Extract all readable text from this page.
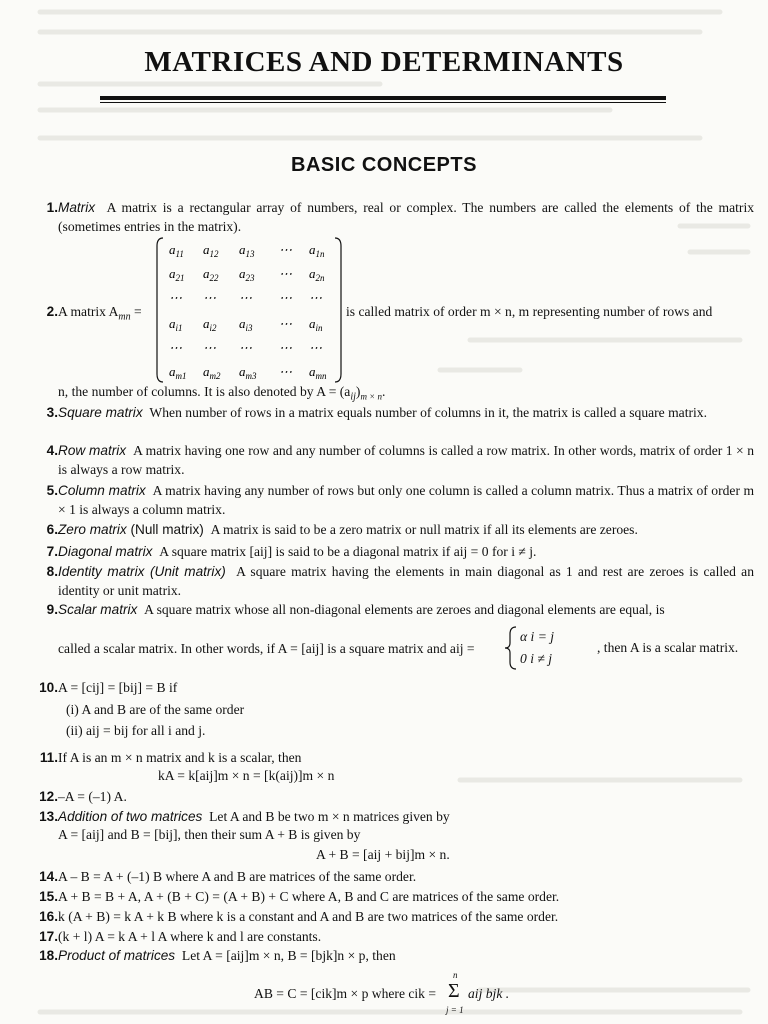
MATRICES AND DETERMINANTS
BASIC CONCEPTS
1. Matrix A matrix is a rectangular array of numbers, real or complex. The numbers are called the elements of the matrix (sometimes entries in the matrix).
2. A matrix $A_{mn}$ =
$a_{11}$ $a_{12}$ $a_{13}$ ⋯ $a_{1n}$
$a_{21}$ $a_{22}$ $a_{23}$ ⋯ $a_{2n}$
⋯ ⋯ ⋯ ⋯ ⋯
$a_{i1}$ $a_{i2}$ $a_{i3}$ ⋯ $a_{in}$
⋯ ⋯ ⋯ ⋯ ⋯
$a_{m1}$ $a_{m2}$ $a_{m3}$ ⋯ $a_{mn}$
is called matrix of order m × n, m representing number of rows and
n, the number of columns. It is also denoted by $A = (a_{ij})_{m \times n}$.
3. Square matrix When number of rows in a matrix equals number of columns in it, the matrix is called a square matrix.
4. Row matrix A matrix having one row and any number of columns is called a row matrix. In other words, matrix of order 1 × n is always a row matrix.
5. Column matrix A matrix having any number of rows but only one column is called a column matrix. Thus a matrix of order m × 1 is always a column matrix.
6. Zero matrix (Null matrix) A matrix is said to be a zero matrix or null matrix if all its elements are zeroes.
7. Diagonal matrix A square matrix [aij] is said to be a diagonal matrix if aij = 0 for i ≠ j.
8. Identity matrix (Unit matrix) A square matrix having the elements in main diagonal as 1 and rest are zeroes is called an identity or unit matrix.
9. Scalar matrix A square matrix whose all non-diagonal elements are zeroes and diagonal elements are equal, is
called a scalar matrix. In other words, if A = [aij] is a square matrix and aij =
α i = j
0 i ≠ j
, then A is a scalar matrix.
10. A = [cij] = [bij] = B if
(i) A and B are of the same order
(ii) aij = bij for all i and j.
11. If A is an m × n matrix and k is a scalar, then
kA = k[aij]m × n = [k(aij)]m × n
12. –A = (–1) A.
13. Addition of two matrices Let A and B be two m × n matrices given by
A = [aij] and B = [bij], then their sum A + B is given by
A + B = [aij + bij]m × n.
14. A – B = A + (–1) B where A and B are matrices of the same order.
15. A + B = B + A, A + (B + C) = (A + B) + C where A, B and C are matrices of the same order.
16. k (A + B) = k A + k B where k is a constant and A and B are two matrices of the same order.
17. (k + l) A = k A + l A where k and l are constants.
18. Product of matrices Let A = [aij]m × n, B = [bjk]n × p, then
AB = C = [cik]m × p where cik =
n
Σ
j = 1
aij bjk .
